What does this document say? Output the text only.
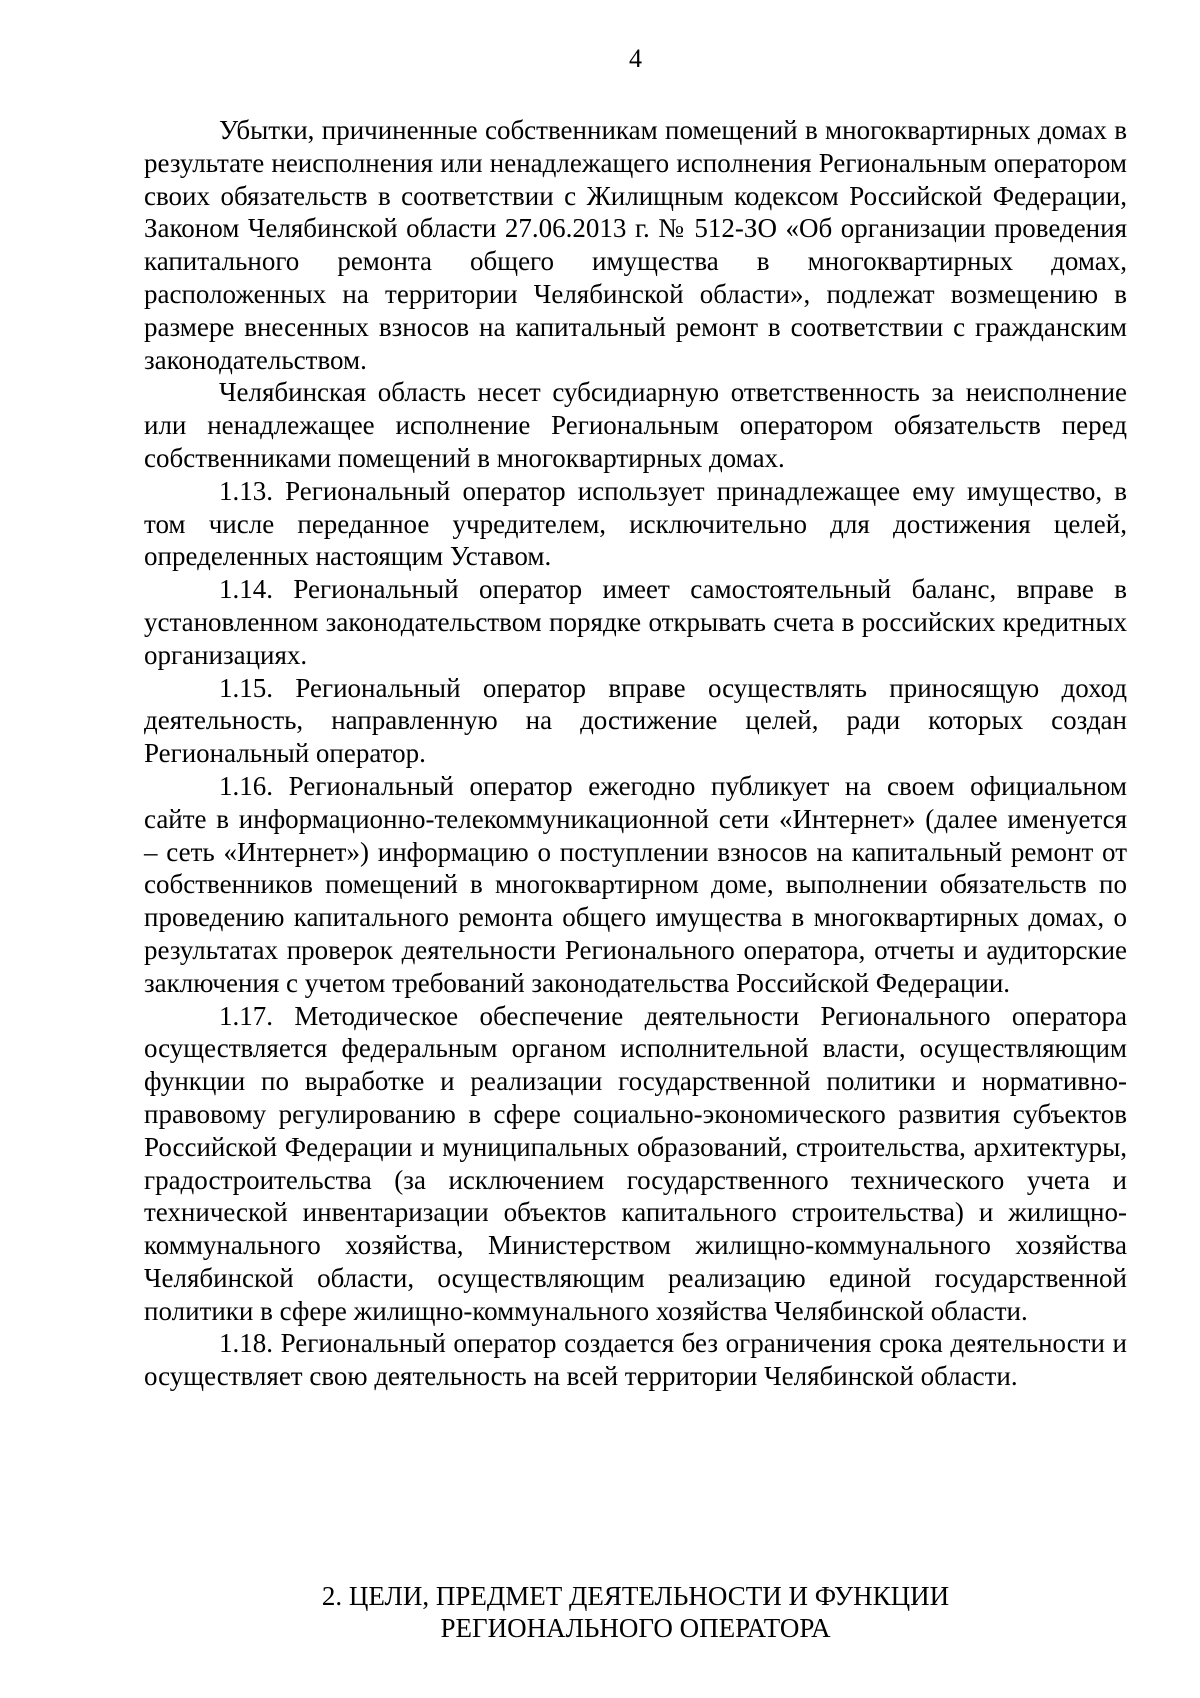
4

Убытки, причиненные собственникам помещений в многоквартирных домах в результате неисполнения или ненадлежащего исполнения Региональным оператором своих обязательств в соответствии с Жилищным кодексом Российской Федерации, Законом Челябинской области 27.06.2013 г. № 512-ЗО «Об организации проведения капитального ремонта общего имущества в многоквартирных домах, расположенных на территории Челябинской области», подлежат возмещению в размере внесенных взносов на капитальный ремонт в соответствии с гражданским законодательством.

Челябинская область несет субсидиарную ответственность за неисполнение или ненадлежащее исполнение Региональным оператором обязательств перед собственниками помещений в многоквартирных домах.

1.13. Региональный оператор использует принадлежащее ему имущество, в том числе переданное учредителем, исключительно для достижения целей, определенных настоящим Уставом.

1.14. Региональный оператор имеет самостоятельный баланс, вправе в установленном законодательством порядке открывать счета в российских кредитных организациях.

1.15. Региональный оператор вправе осуществлять приносящую доход деятельность, направленную на достижение целей, ради которых создан Региональный оператор.

1.16. Региональный оператор ежегодно публикует на своем официальном сайте в информационно-телекоммуникационной сети «Интернет» (далее именуется – сеть «Интернет») информацию о поступлении взносов на капитальный ремонт от собственников помещений в многоквартирном доме, выполнении обязательств по проведению капитального ремонта общего имущества в многоквартирных домах, о результатах проверок деятельности Регионального оператора, отчеты и аудиторские заключения с учетом требований законодательства Российской Федерации.

1.17. Методическое обеспечение деятельности Регионального оператора осуществляется федеральным органом исполнительной власти, осуществляющим функции по выработке и реализации государственной политики и нормативно-правовому регулированию в сфере социально-экономического развития субъектов Российской Федерации и муниципальных образований, строительства, архитектуры, градостроительства (за исключением государственного технического учета и технической инвентаризации объектов капитального строительства) и жилищно-коммунального хозяйства, Министерством жилищно-коммунального хозяйства Челябинской области, осуществляющим реализацию единой государственной политики в сфере жилищно-коммунального хозяйства Челябинской области.

1.18. Региональный оператор создается без ограничения срока деятельности и осуществляет свою деятельность на всей территории Челябинской области.

2. ЦЕЛИ, ПРЕДМЕТ ДЕЯТЕЛЬНОСТИ И ФУНКЦИИ
РЕГИОНАЛЬНОГО ОПЕРАТОРА
